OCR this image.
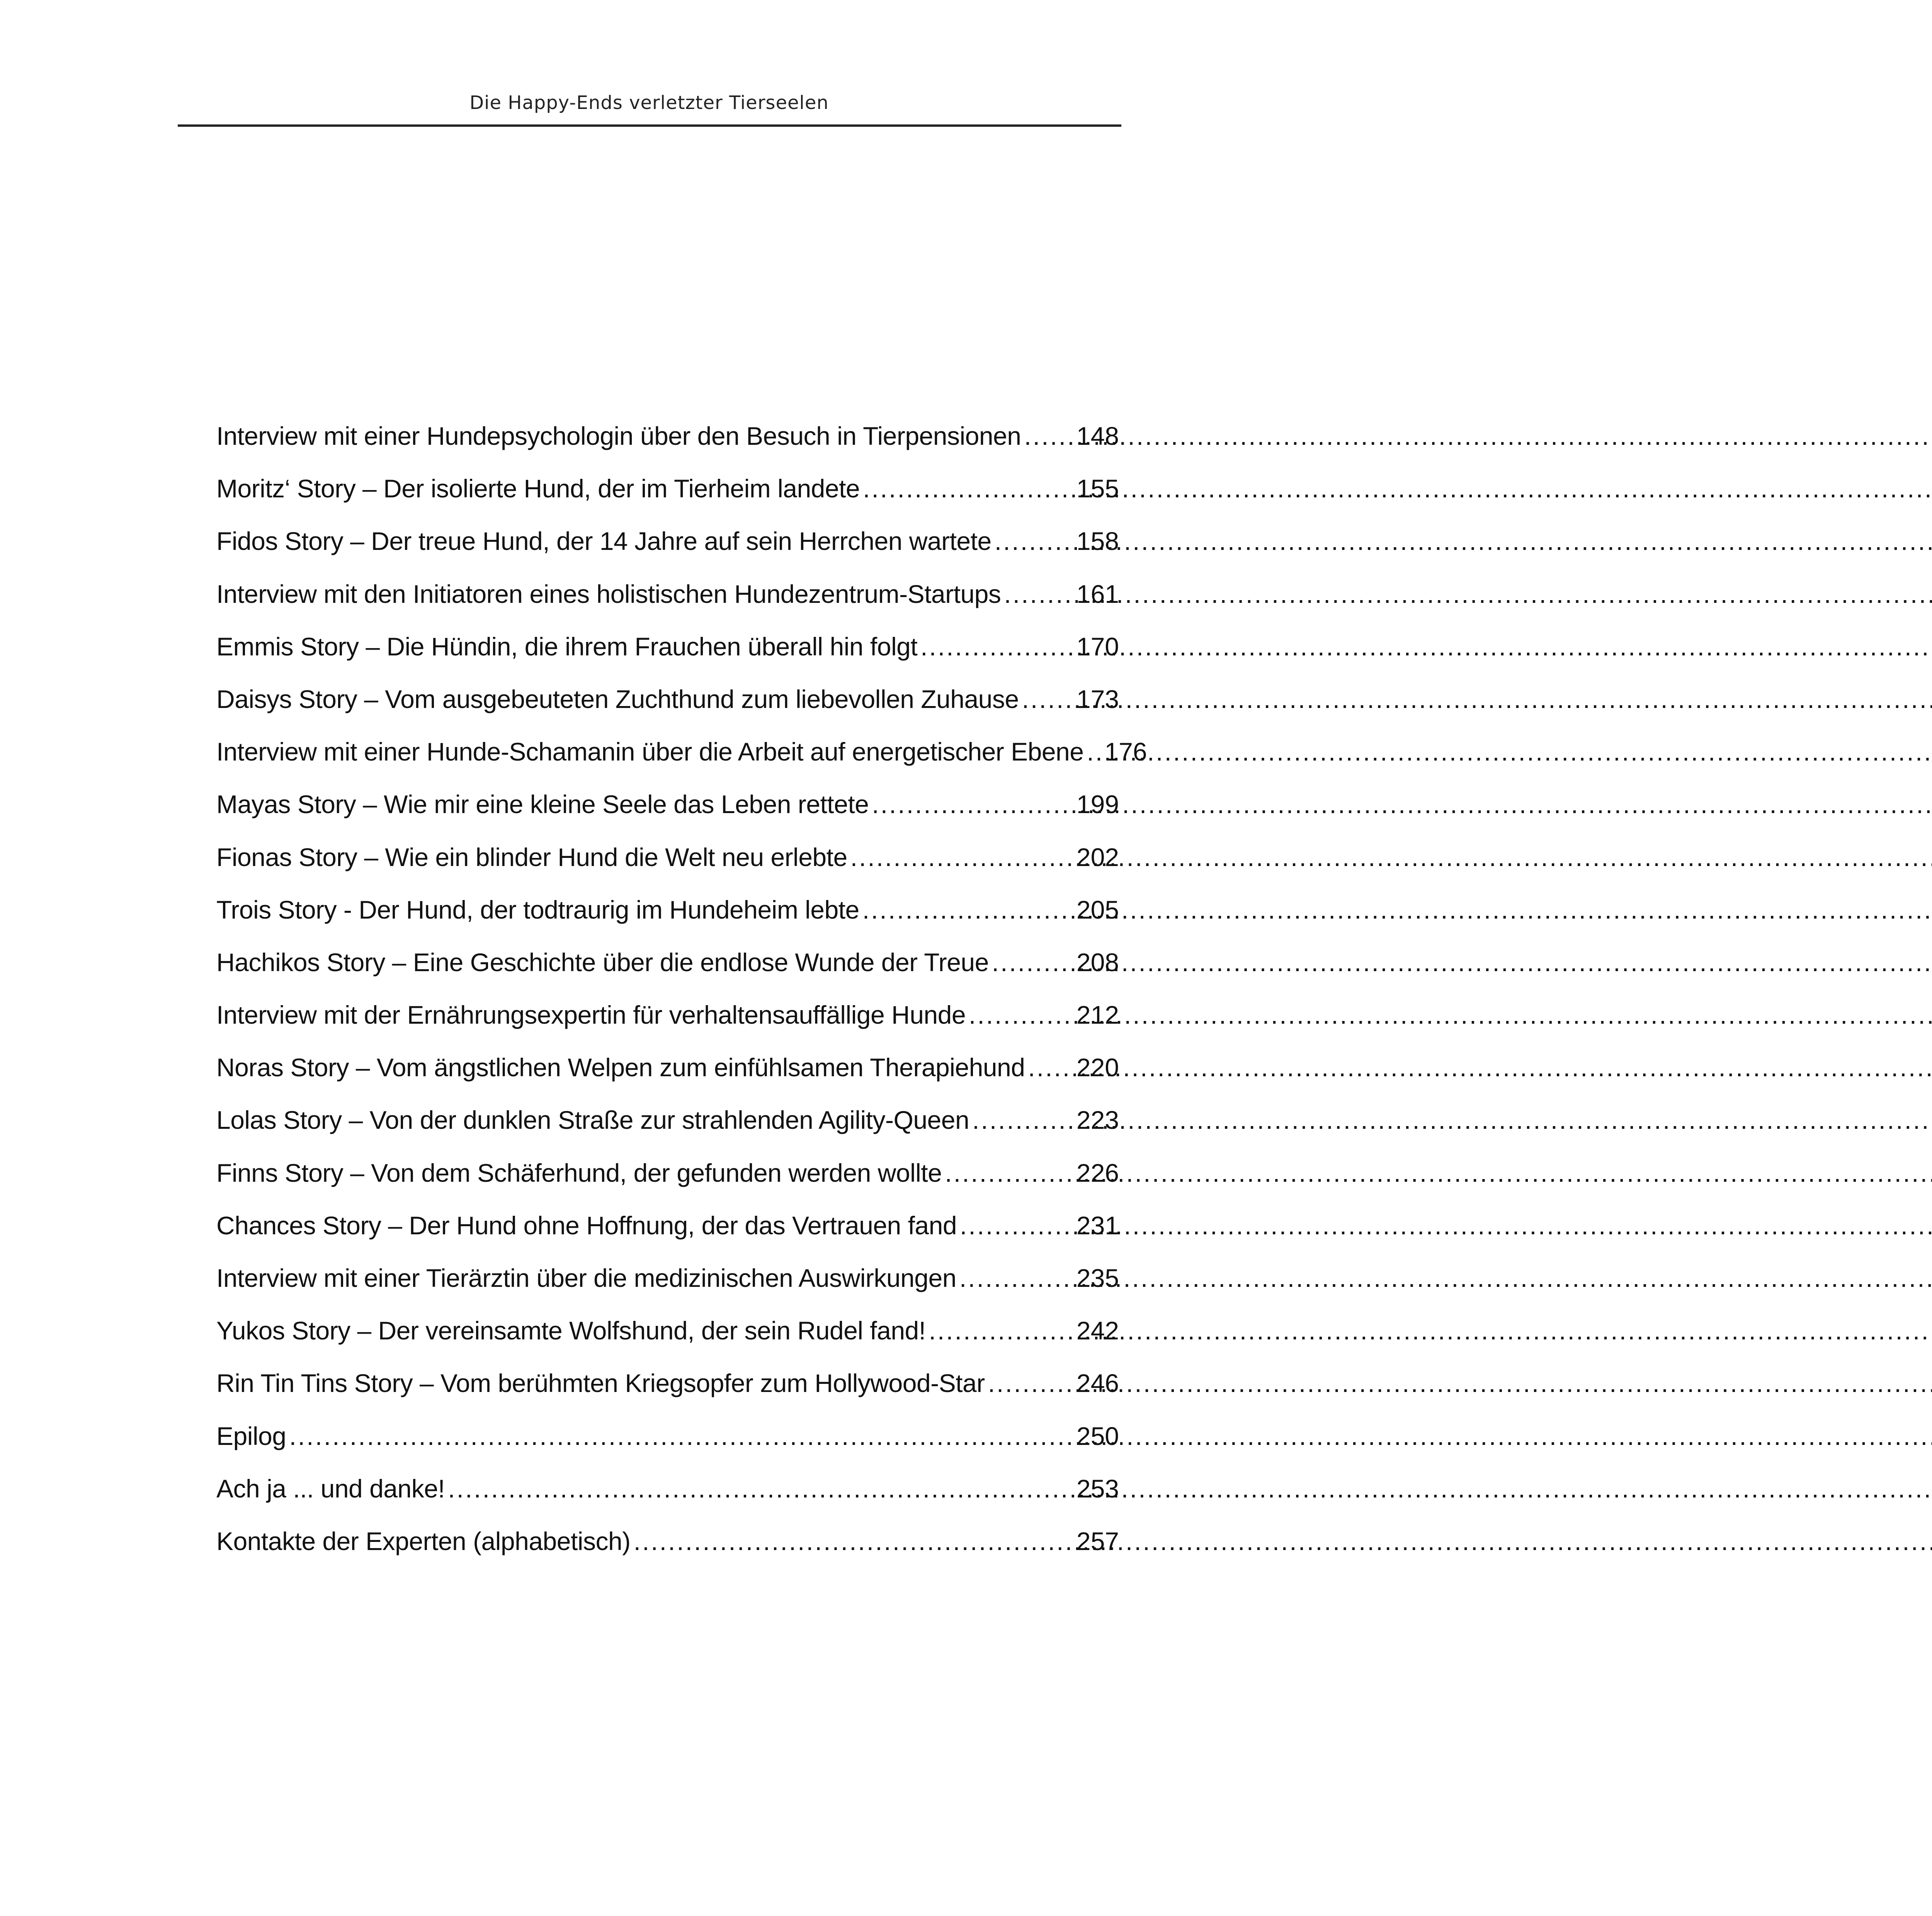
Die Happy-Ends verletzter Tierseelen
Interview mit einer Hundepsychologin über den Besuch in Tierpensionen ..... 148
Moritz‘ Story – Der isolierte Hund, der im Tierheim landete .....	155
Fidos Story – Der treue Hund, der 14 Jahre auf sein Herrchen wartete .....	158
Interview mit den Initiatoren eines holistischen Hundezentrum-Startups .....	161
Emmis Story – Die Hündin, die ihrem Frauchen überall hin folgt .....	170
Daisys Story – Vom ausgebeuteten Zuchthund zum liebevollen Zuhause ..... 173
Interview mit einer Hunde-Schamanin über die Arbeit auf energetischer Ebene ..... 176
Mayas Story – Wie mir eine kleine Seele das Leben rettete .....	199
Fionas Story – Wie ein blinder Hund die Welt neu erlebte .....	202
Trois Story - Der Hund, der todtraurig im Hundeheim lebte .....	205
Hachikos Story – Eine Geschichte über die endlose Wunde der Treue .....	208
Interview mit der Ernährungsexpertin für verhaltensauffällige Hunde .....	212
Noras Story – Vom ängstlichen Welpen zum einfühlsamen Therapiehund ..... 220
Lolas Story – Von der dunklen Straße zur strahlenden Agility-Queen .....	223
Finns Story – Von dem Schäferhund, der gefunden werden wollte .....	226
Chances Story – Der Hund ohne Hoffnung, der das Vertrauen fand .....	231
Interview mit einer Tierärztin über die medizinischen Auswirkungen .....	235
Yukos Story – Der vereinsamte Wolfshund, der sein Rudel fand! .....	242
Rin Tin Tins Story – Vom berühmten Kriegsopfer zum Hollywood-Star .....	246
Epilog .....	250
Ach ja ... und danke! .....	253
Kontakte der Experten (alphabetisch) .....	257
